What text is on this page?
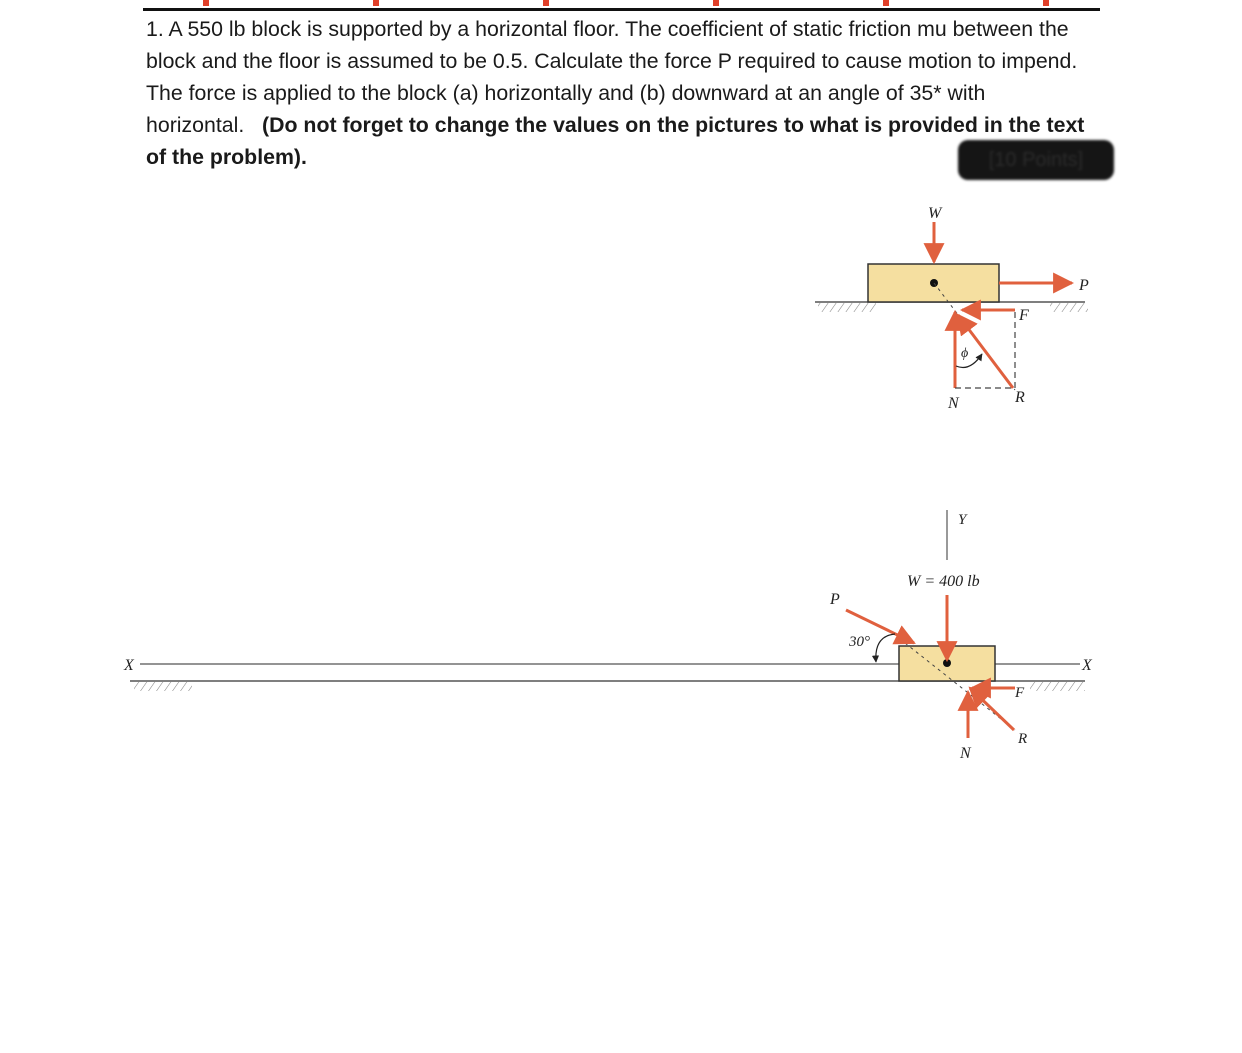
1. A 550 lb block is supported by a horizontal floor. The coefficient of static friction mu between the block and the floor is assumed to be 0.5. Calculate the force P required to cause motion to impend. The force is applied to the block (a) horizontally and (b) downward at an angle of 35* with horizontal. (Do not forget to change the values on the pictures to what is provided in the text of the problem).	[10 Points]
W
P
F
N	R
ϕ
Y
W = 400 lb
X	X
P
30°
F
R
N
